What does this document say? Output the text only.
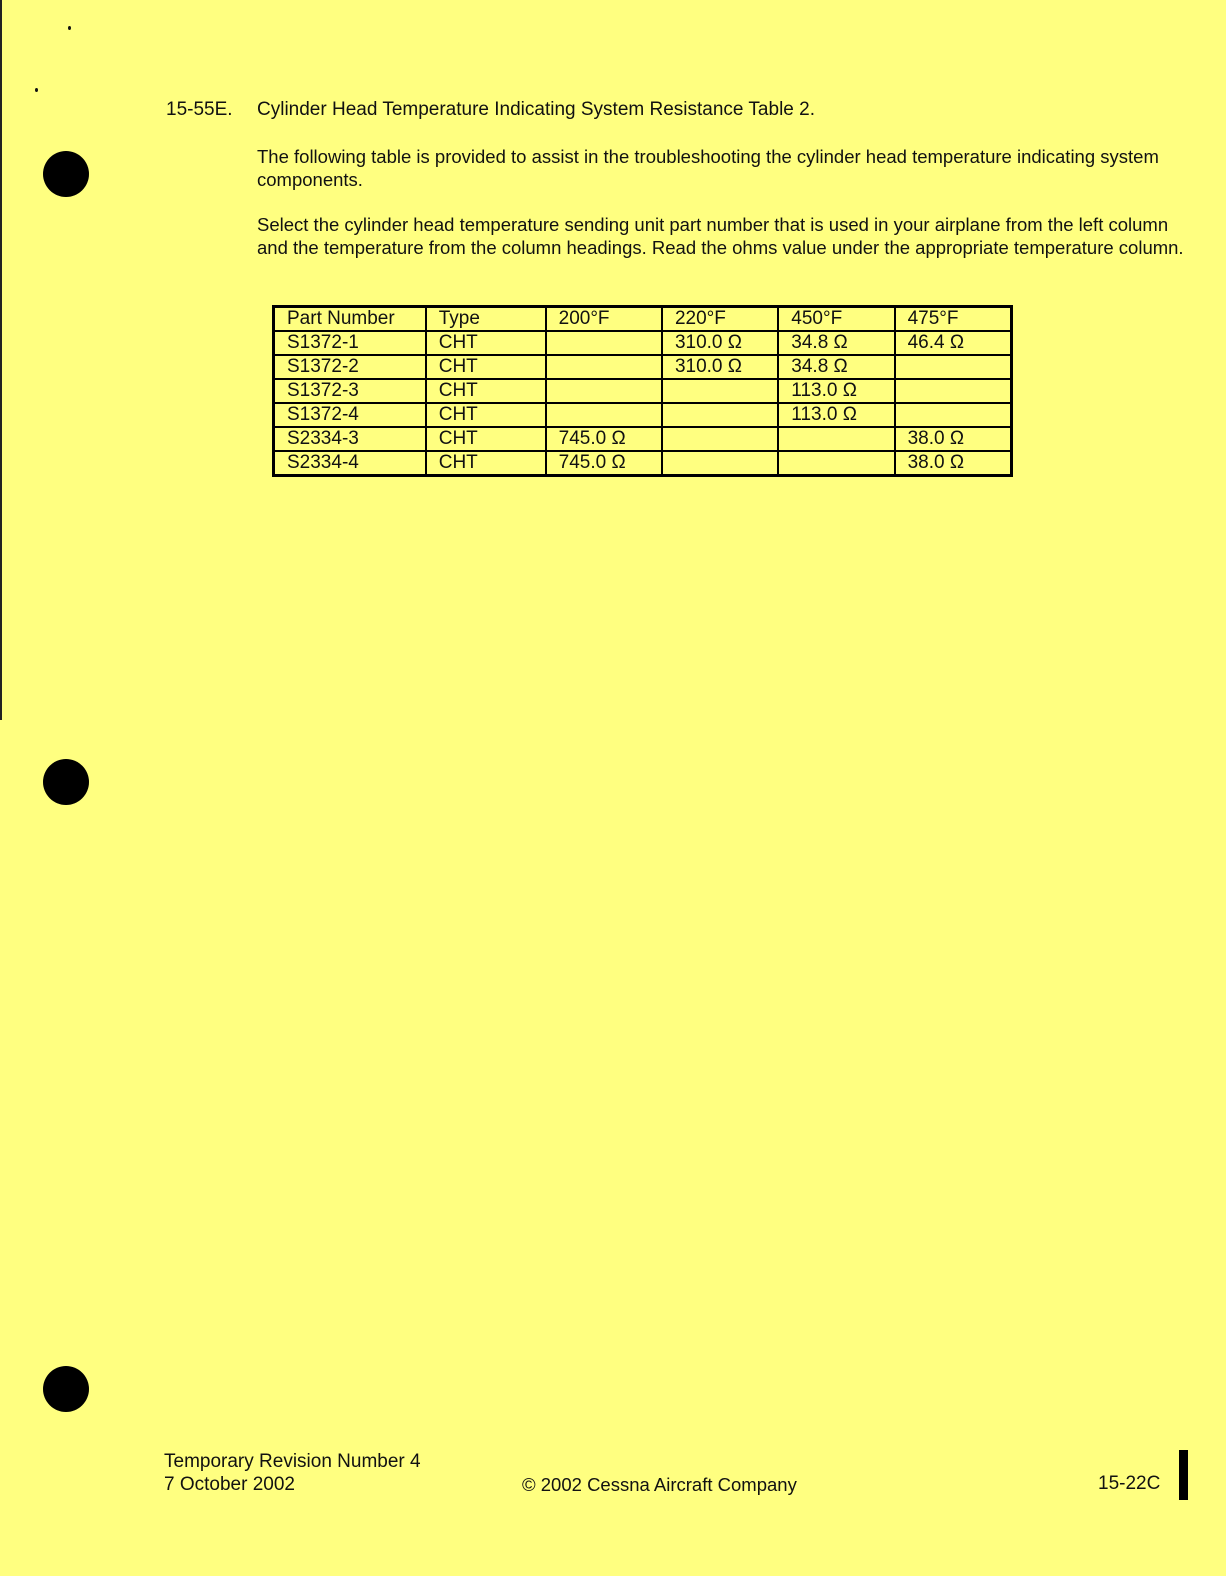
15-55E. Cylinder Head Temperature Indicating System Resistance Table 2.
The following table is provided to assist in the troubleshooting the cylinder head temperature indicating system components.
Select the cylinder head temperature sending unit part number that is used in your airplane from the left column and the temperature from the column headings. Read the ohms value under the appropriate temperature column.
Part Number	Type	200°F	220°F	450°F	475°F
S1372-1	CHT		310.0 Ω	34.8 Ω	46.4 Ω
S1372-2	CHT		310.0 Ω	34.8 Ω	
S1372-3	CHT			113.0 Ω	
S1372-4	CHT			113.0 Ω	
S2334-3	CHT	745.0 Ω			38.0 Ω
S2334-4	CHT	745.0 Ω			38.0 Ω
Temporary Revision Number 4
7 October 2002	© 2002 Cessna Aircraft Company	15-22C
